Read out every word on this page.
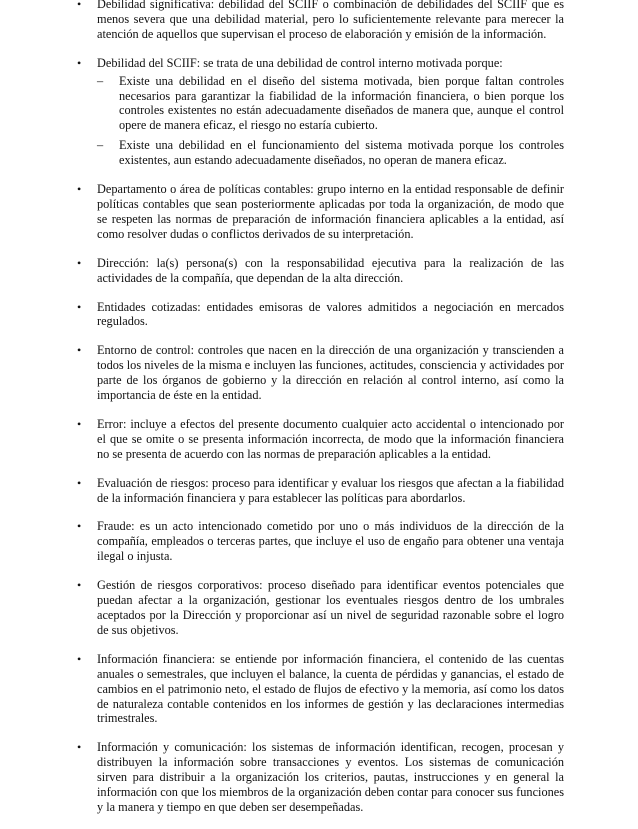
• Debilidad significativa: debilidad del SCIIF o combinación de debilidades del SCIIF que es menos severa que una debilidad material, pero lo suficientemente relevante para merecer la atención de aquellos que supervisan el proceso de elaboración y emisión de la información.
• Debilidad del SCIIF: se trata de una debilidad de control interno motivada porque:
– Existe una debilidad en el diseño del sistema motivada, bien porque faltan controles necesarios para garantizar la fiabilidad de la información financiera, o bien porque los controles existentes no están adecuadamente diseñados de manera que, aunque el control opere de manera eficaz, el riesgo no estaría cubierto.
– Existe una debilidad en el funcionamiento del sistema motivada porque los controles existentes, aun estando adecuadamente diseñados, no operan de manera eficaz.
• Departamento o área de políticas contables: grupo interno en la entidad responsable de definir políticas contables que sean posteriormente aplicadas por toda la organización, de modo que se respeten las normas de preparación de información financiera aplicables a la entidad, así como resolver dudas o conflictos derivados de su interpretación.
• Dirección: la(s) persona(s) con la responsabilidad ejecutiva para la realización de las actividades de la compañía, que dependan de la alta dirección.
• Entidades cotizadas: entidades emisoras de valores admitidos a negociación en mercados regulados.
• Entorno de control: controles que nacen en la dirección de una organización y transcienden a todos los niveles de la misma e incluyen las funciones, actitudes, consciencia y actividades por parte de los órganos de gobierno y la dirección en relación al control interno, así como la importancia de éste en la entidad.
• Error: incluye a efectos del presente documento cualquier acto accidental o intencionado por el que se omite o se presenta información incorrecta, de modo que la información financiera no se presenta de acuerdo con las normas de preparación aplicables a la entidad.
• Evaluación de riesgos: proceso para identificar y evaluar los riesgos que afectan a la fiabilidad de la información financiera y para establecer las políticas para abordarlos.
• Fraude: es un acto intencionado cometido por uno o más individuos de la dirección de la compañía, empleados o terceras partes, que incluye el uso de engaño para obtener una ventaja ilegal o injusta.
• Gestión de riesgos corporativos: proceso diseñado para identificar eventos potenciales que puedan afectar a la organización, gestionar los eventuales riesgos dentro de los umbrales aceptados por la Dirección y proporcionar así un nivel de seguridad razonable sobre el logro de sus objetivos.
• Información financiera: se entiende por información financiera, el contenido de las cuentas anuales o semestrales, que incluyen el balance, la cuenta de pérdidas y ganancias, el estado de cambios en el patrimonio neto, el estado de flujos de efectivo y la memoria, así como los datos de naturaleza contable contenidos en los informes de gestión y las declaraciones intermedias trimestrales.
• Información y comunicación: los sistemas de información identifican, recogen, procesan y distribuyen la información sobre transacciones y eventos. Los sistemas de comunicación sirven para distribuir a la organización los criterios, pautas, instrucciones y en general la información con que los miembros de la organización deben contar para conocer sus funciones y la manera y tiempo en que deben ser desempeñadas.
